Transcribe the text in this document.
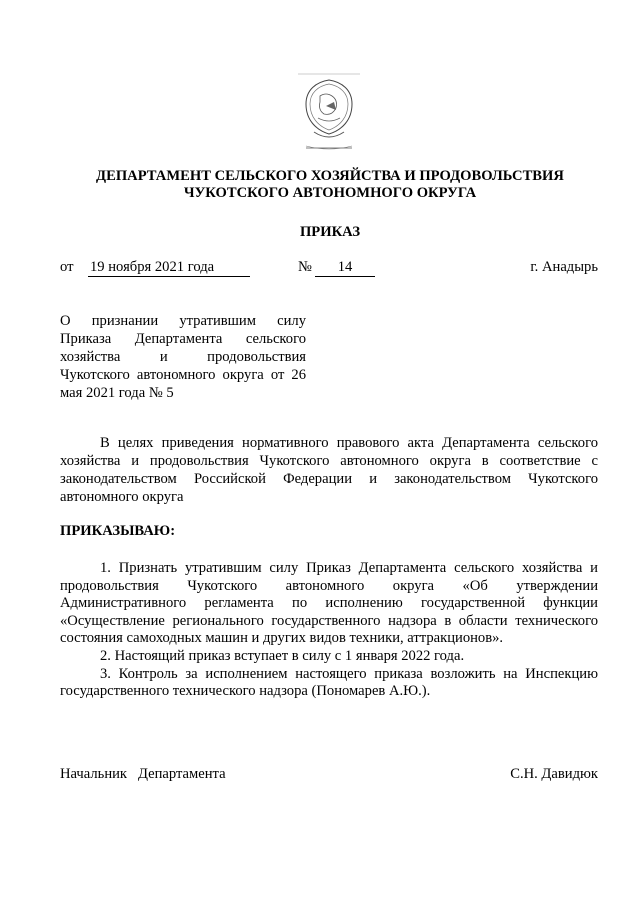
ДЕПАРТАМЕНТ СЕЛЬСКОГО ХОЗЯЙСТВА И ПРОДОВОЛЬСТВИЯ
ЧУКОТСКОГО АВТОНОМНОГО ОКРУГА
ПРИКАЗ
от 19 ноября 2021 года	№	14	г. Анадырь
О признании утратившим силу Приказа Департамента сельского хозяйства и продовольствия Чукотского автономного округа от 26 мая 2021 года № 5
В целях приведения нормативного правового акта Департамента сельского хозяйства и продовольствия Чукотского автономного округа в соответствие с законодательством Российской Федерации и законодательством Чукотского автономного округа
ПРИКАЗЫВАЮ:

1. Признать утратившим силу Приказ Департамента сельского хозяйства и продовольствия Чукотского автономного округа «Об утверждении Административного регламента по исполнению государственной функции «Осуществление регионального государственного надзора в области технического состояния самоходных машин и других видов техники, аттракционов».

2. Настоящий приказ вступает в силу с 1 января 2022 года.

3. Контроль за исполнением настоящего приказа возложить на Инспекцию государственного технического надзора (Пономарев А.Ю.).

Начальник   Департамента	С.Н. Давидюк
